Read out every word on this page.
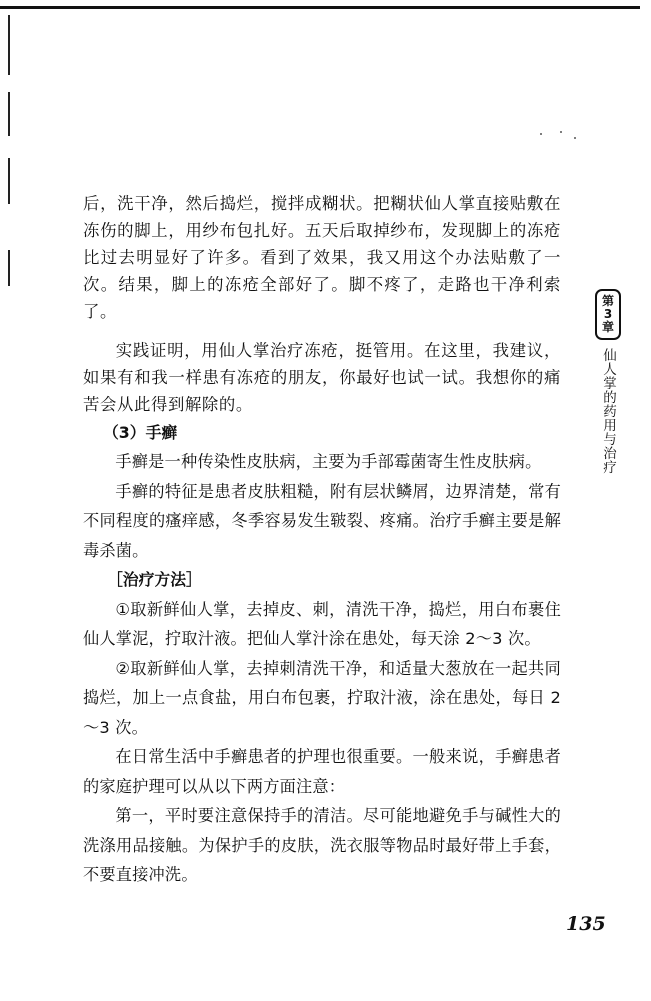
后，洗干净，然后捣烂，搅拌成糊状。把糊状仙人掌直接贴敷在冻伤的脚上，用纱布包扎好。五天后取掉纱布，发现脚上的冻疮比过去明显好了许多。看到了效果，我又用这个办法贴敷了一次。结果，脚上的冻疮全部好了。脚不疼了，走路也干净利索了。

实践证明，用仙人掌治疗冻疮，挺管用。在这里，我建议，如果有和我一样患有冻疮的朋友，你最好也试一试。我想你的痛苦会从此得到解除的。

（3）手癣

手癣是一种传染性皮肤病，主要为手部霉菌寄生性皮肤病。

手癣的特征是患者皮肤粗糙，附有层状鳞屑，边界清楚，常有不同程度的瘙痒感，冬季容易发生皲裂、疼痛。治疗手癣主要是解毒杀菌。

［治疗方法］

①取新鲜仙人掌，去掉皮、刺，清洗干净，捣烂，用白布裹住仙人掌泥，拧取汁液。把仙人掌汁涂在患处，每天涂 2～3 次。

②取新鲜仙人掌，去掉刺清洗干净，和适量大葱放在一起共同捣烂，加上一点食盐，用白布包裹，拧取汁液，涂在患处，每日 2～3 次。

在日常生活中手癣患者的护理也很重要。一般来说，手癣患者的家庭护理可以从以下两方面注意：

第一，平时要注意保持手的清洁。尽可能地避免手与碱性大的洗涤用品接触。为保护手的皮肤，洗衣服等物品时最好带上手套，不要直接冲洗。

第
3
章
仙人掌的药用与治疗
135
